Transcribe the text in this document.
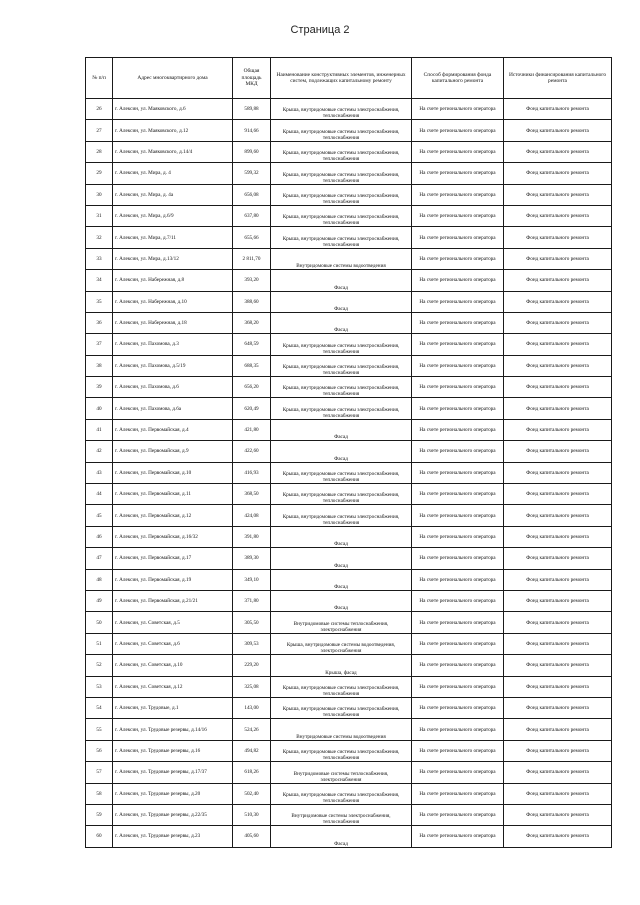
Страница 2
№ п/п	Адрес многоквартирного дома	Общая площадь МКД	Наименование конструктивных элементов, инженерных систем, подлежащих капитальному ремонту	Способ формирования фонда капитального ремонта	Источники финансирования капитального ремонта
26	г. Алексин, ул. Маяковского, д.6	589,88	Крыша, внутридомовые системы электроснабжения, теплоснабжения	На счете регионального оператора	Фонд капитального ремонта
27	г. Алексин, ул. Маяковского, д.12	914,66	Крыша, внутридомовые системы электроснабжения, теплоснабжения	На счете регионального оператора	Фонд капитального ремонта
28	г. Алексин, ул. Маяковского, д.14/4	899,60	Крыша, внутридомовые системы электроснабжения, теплоснабжения	На счете регионального оператора	Фонд капитального ремонта
29	г. Алексин, ул. Мира, д. 4	599,32	Крыша, внутридомовые системы электроснабжения, теплоснабжения	На счете регионального оператора	Фонд капитального ремонта
30	г. Алексин, ул. Мира, д. 4а	656,08	Крыша, внутридомовые системы электроснабжения, теплоснабжения	На счете регионального оператора	Фонд капитального ремонта
31	г. Алексин, ул. Мира, д.6/9	637,80	Крыша, внутридомовые системы электроснабжения, теплоснабжения	На счете регионального оператора	Фонд капитального ремонта
32	г. Алексин, ул. Мира, д.7/11	655,66	Крыша, внутридомовые системы электроснабжения, теплоснабжения	На счете регионального оператора	Фонд капитального ремонта
33	г. Алексин, ул. Мира, д.13/12	2 811,70	Внутридомовые системы водоотведения	На счете регионального оператора	Фонд капитального ремонта
34	г. Алексин, ул. Набережная, д.8	393,20	Фасад	На счете регионального оператора	Фонд капитального ремонта
35	г. Алексин, ул. Набережная, д.10	388,60	Фасад	На счете регионального оператора	Фонд капитального ремонта
36	г. Алексин, ул. Набережная, д.18	368,20	Фасад	На счете регионального оператора	Фонд капитального ремонта
37	г. Алексин, ул. Пахомова, д.3	648,59	Крыша, внутридомовые системы электроснабжения, теплоснабжения	На счете регионального оператора	Фонд капитального ремонта
38	г. Алексин, ул. Пахомова, д.5/19	688,35	Крыша, внутридомовые системы электроснабжения, теплоснабжения	На счете регионального оператора	Фонд капитального ремонта
39	г. Алексин, ул. Пахомова, д.6	656,20	Крыша, внутридомовые системы электроснабжения, теплоснабжения	На счете регионального оператора	Фонд капитального ремонта
40	г. Алексин, ул. Пахомова, д.6а	620,49	Крыша, внутридомовые системы электроснабжения, теплоснабжения	На счете регионального оператора	Фонд капитального ремонта
41	г. Алексин, ул. Первомайская, д.4	421,80	Фасад	На счете регионального оператора	Фонд капитального ремонта
42	г. Алексин, ул. Первомайская, д.9	422,60	Фасад	На счете регионального оператора	Фонд капитального ремонта
43	г. Алексин, ул. Первомайская, д.10	416,93	Крыша, внутридомовые системы электроснабжения, теплоснабжения	На счете регионального оператора	Фонд капитального ремонта
44	г. Алексин, ул. Первомайская, д.11	368,50	Крыша, внутридомовые системы электроснабжения, теплоснабжения	На счете регионального оператора	Фонд капитального ремонта
45	г. Алексин, ул. Первомайская, д.12	424,08	Крыша, внутридомовые системы электроснабжения, теплоснабжения	На счете регионального оператора	Фонд капитального ремонта
46	г. Алексин, ул. Первомайская, д.16/32	391,80	Фасад	На счете регионального оператора	Фонд капитального ремонта
47	г. Алексин, ул. Первомайская, д.17	389,30	Фасад	На счете регионального оператора	Фонд капитального ремонта
48	г. Алексин, ул. Первомайская, д.19	349,10	Фасад	На счете регионального оператора	Фонд капитального ремонта
49	г. Алексин, ул. Первомайская, д.21/21	371,80	Фасад	На счете регионального оператора	Фонд капитального ремонта
50	г. Алексин, ул. Советская, д.5	305,50	Внутридомовые системы теплоснабжения, электроснабжения	На счете регионального оператора	Фонд капитального ремонта
51	г. Алексин, ул. Советская, д.6	309,53	Крыша, внутридомовые системы водоотведения, электроснабжения	На счете регионального оператора	Фонд капитального ремонта
52	г. Алексин, ул. Советская, д.10	229,20	Крыша, фасад	На счете регионального оператора	Фонд капитального ремонта
53	г. Алексин, ул. Советская, д.12	325,08	Крыша, внутридомовые системы электроснабжения, теплоснабжения	На счете регионального оператора	Фонд капитального ремонта
54	г. Алексин, ул. Трудовые, д.1	143,00	Крыша, внутридомовые системы электроснабжения, теплоснабжения	На счете регионального оператора	Фонд капитального ремонта
55	г. Алексин, ул. Трудовые резервы, д.14/16	524,26	Внутридомовые системы водоотведения	На счете регионального оператора	Фонд капитального ремонта
56	г. Алексин, ул. Трудовые резервы, д.16	494,82	Крыша, внутридомовые системы электроснабжения, теплоснабжения	На счете регионального оператора	Фонд капитального ремонта
57	г. Алексин, ул. Трудовые резервы, д.17/37	618,26	Внутридомовые системы теплоснабжения, электроснабжения	На счете регионального оператора	Фонд капитального ремонта
58	г. Алексин, ул. Трудовые резервы, д.20	502,40	Крыша, внутридомовые системы электроснабжения, теплоснабжения	На счете регионального оператора	Фонд капитального ремонта
59	г. Алексин, ул. Трудовые резервы, д.22/35	510,30	Внутридомовые системы электроснабжения, теплоснабжения	На счете регионального оператора	Фонд капитального ремонта
60	г. Алексин, ул. Трудовые резервы, д.23	405,60	Фасад	На счете регионального оператора	Фонд капитального ремонта
